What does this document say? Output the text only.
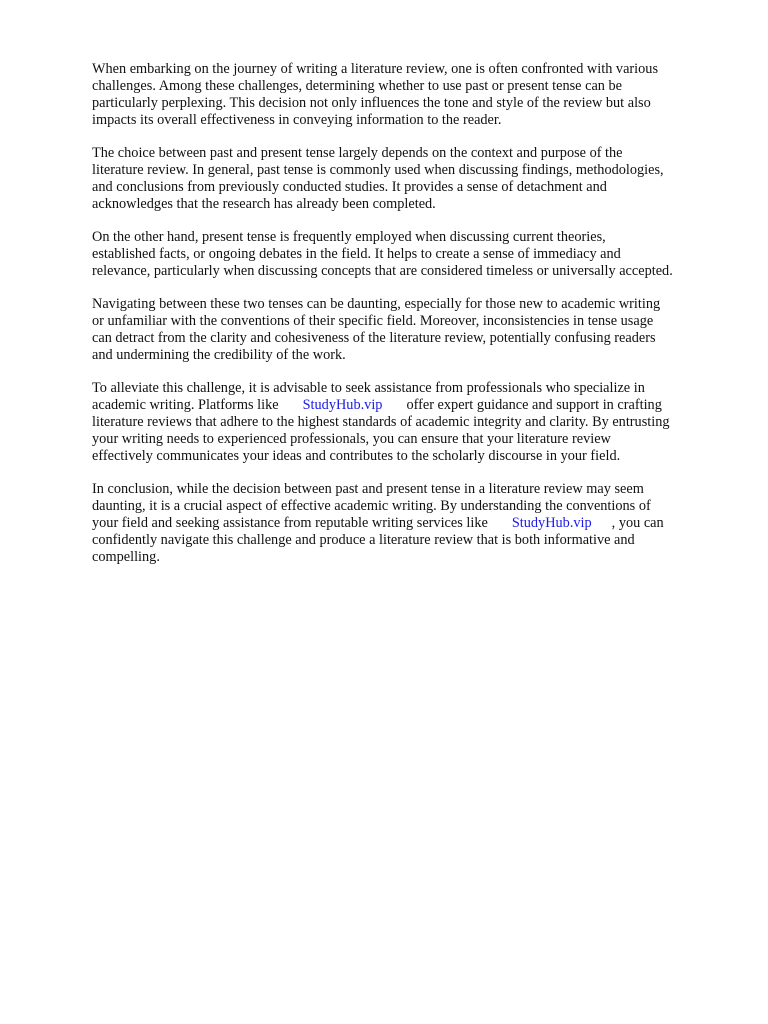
When embarking on the journey of writing a literature review, one is often confronted with various
challenges. Among these challenges, determining whether to use past or present tense can be
particularly perplexing. This decision not only influences the tone and style of the review but also
impacts its overall effectiveness in conveying information to the reader.
The choice between past and present tense largely depends on the context and purpose of the
literature review. In general, past tense is commonly used when discussing findings, methodologies,
and conclusions from previously conducted studies. It provides a sense of detachment and
acknowledges that the research has already been completed.
On the other hand, present tense is frequently employed when discussing current theories,
established facts, or ongoing debates in the field. It helps to create a sense of immediacy and
relevance, particularly when discussing concepts that are considered timeless or universally accepted.
Navigating between these two tenses can be daunting, especially for those new to academic writing
or unfamiliar with the conventions of their specific field. Moreover, inconsistencies in tense usage
can detract from the clarity and cohesiveness of the literature review, potentially confusing readers
and undermining the credibility of the work.
To alleviate this challenge, it is advisable to seek assistance from professionals who specialize in
academic writing. Platforms like StudyHub.vip offer expert guidance and support in crafting
literature reviews that adhere to the highest standards of academic integrity and clarity. By entrusting
your writing needs to experienced professionals, you can ensure that your literature review
effectively communicates your ideas and contributes to the scholarly discourse in your field.
In conclusion, while the decision between past and present tense in a literature review may seem
daunting, it is a crucial aspect of effective academic writing. By understanding the conventions of
your field and seeking assistance from reputable writing services like StudyHub.vip , you can
confidently navigate this challenge and produce a literature review that is both informative and
compelling.
